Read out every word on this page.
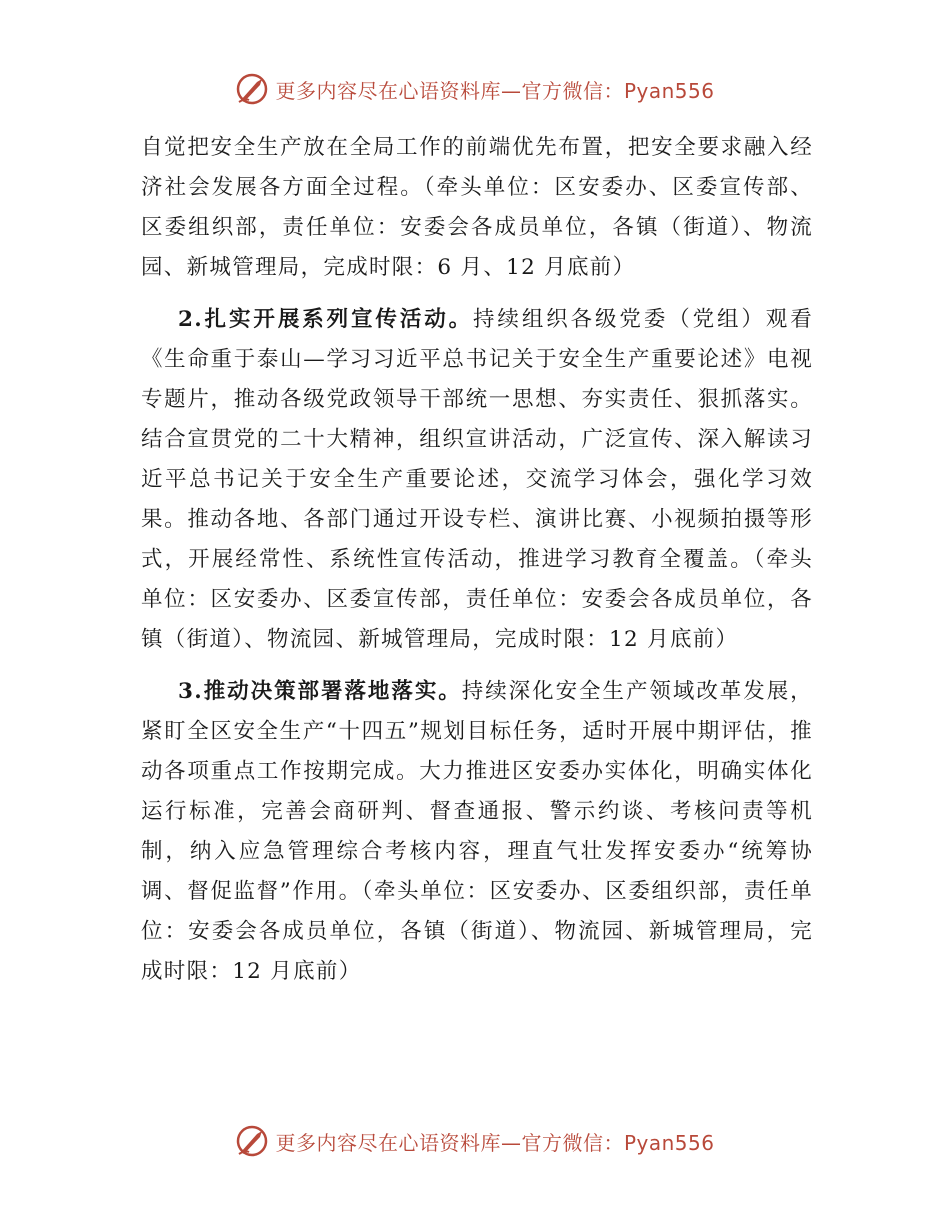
更多内容尽在心语资料库—官方微信：Pyan556

自觉把安全生产放在全局工作的前端优先布置，把安全要求融入经济社会发展各方面全过程。（牵头单位：区安委办、区委宣传部、区委组织部，责任单位：安委会各成员单位，各镇（街道）、物流园、新城管理局，完成时限：6 月、12 月底前）

2.扎实开展系列宣传活动。持续组织各级党委（党组）观看《生命重于泰山—学习习近平总书记关于安全生产重要论述》电视专题片，推动各级党政领导干部统一思想、夯实责任、狠抓落实。结合宣贯党的二十大精神，组织宣讲活动，广泛宣传、深入解读习近平总书记关于安全生产重要论述，交流学习体会，强化学习效果。推动各地、各部门通过开设专栏、演讲比赛、小视频拍摄等形式，开展经常性、系统性宣传活动，推进学习教育全覆盖。（牵头单位：区安委办、区委宣传部，责任单位：安委会各成员单位，各镇（街道）、物流园、新城管理局，完成时限：12 月底前）

3.推动决策部署落地落实。持续深化安全生产领域改革发展，紧盯全区安全生产“十四五”规划目标任务，适时开展中期评估，推动各项重点工作按期完成。大力推进区安委办实体化，明确实体化运行标准，完善会商研判、督查通报、警示约谈、考核问责等机制，纳入应急管理综合考核内容，理直气壮发挥安委办“统筹协调、督促监督”作用。（牵头单位：区安委办、区委组织部，责任单位：安委会各成员单位，各镇（街道）、物流园、新城管理局，完成时限：12 月底前）

更多内容尽在心语资料库—官方微信：Pyan556
